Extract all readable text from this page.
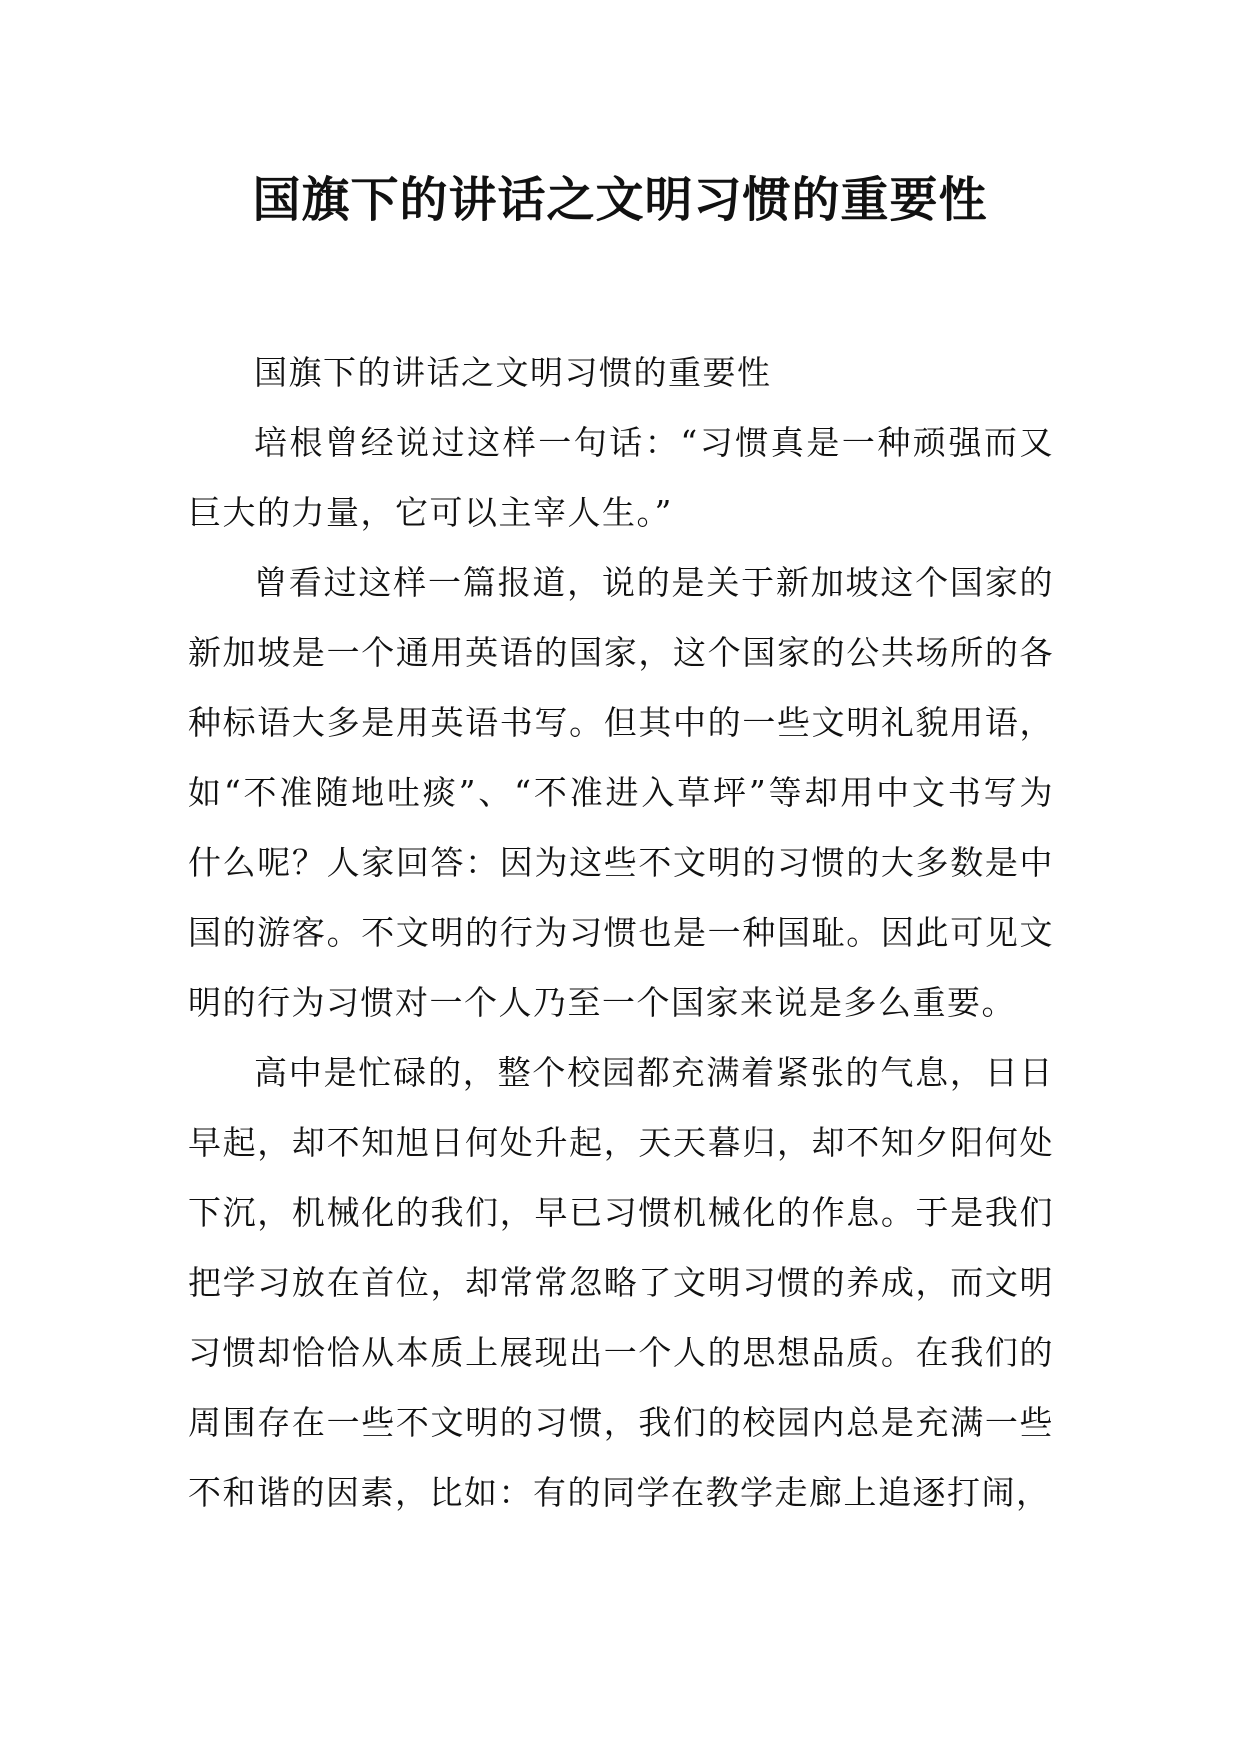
国旗下的讲话之文明习惯的重要性

国旗下的讲话之文明习惯的重要性

培根曾经说过这样一句话：“习惯真是一种顽强而又巨大的力量，它可以主宰人生。”

曾看过这样一篇报道，说的是关于新加坡这个国家的新加坡是一个通用英语的国家，这个国家的公共场所的各种标语大多是用英语书写。但其中的一些文明礼貌用语，如“不准随地吐痰”、“不准进入草坪”等却用中文书写为什么呢？人家回答：因为这些不文明的习惯的大多数是中国的游客。不文明的行为习惯也是一种国耻。因此可见文明的行为习惯对一个人乃至一个国家来说是多么重要。

高中是忙碌的，整个校园都充满着紧张的气息，日日早起，却不知旭日何处升起，天天暮归，却不知夕阳何处下沉，机械化的我们，早已习惯机械化的作息。于是我们把学习放在首位，却常常忽略了文明习惯的养成，而文明习惯却恰恰从本质上展现出一个人的思想品质。在我们的周围存在一些不文明的习惯，我们的校园内总是充满一些不和谐的因素，比如：有的同学在教学走廊上追逐打闹，
